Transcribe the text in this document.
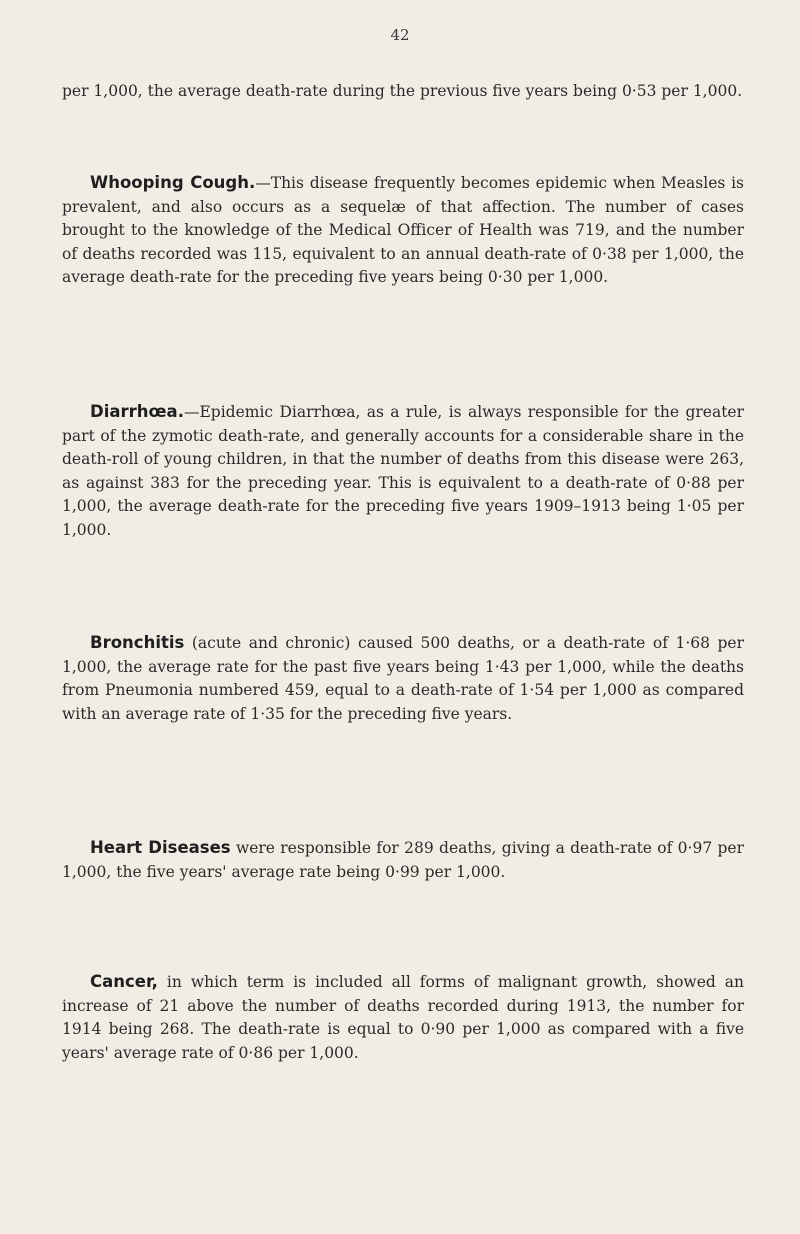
42

per 1,000, the average death-rate during the previous five years being 0·53 per 1,000.

Whooping Cough.—This disease frequently becomes epidemic when Measles is prevalent, and also occurs as a sequelæ of that affection. The number of cases brought to the knowledge of the Medical Officer of Health was 719, and the number of deaths recorded was 115, equivalent to an annual death-rate of 0·38 per 1,000, the average death-rate for the preceding five years being 0·30 per 1,000.

Diarrhœa.—Epidemic Diarrhœa, as a rule, is always responsible for the greater part of the zymotic death-rate, and generally accounts for a considerable share in the death-roll of young children, in that the number of deaths from this disease were 263, as against 383 for the preceding year. This is equivalent to a death-rate of 0·88 per 1,000, the average death-rate for the preceding five years 1909–1913 being 1·05 per 1,000.

Bronchitis (acute and chronic) caused 500 deaths, or a death-rate of 1·68 per 1,000, the average rate for the past five years being 1·43 per 1,000, while the deaths from Pneumonia numbered 459, equal to a death-rate of 1·54 per 1,000 as compared with an average rate of 1·35 for the preceding five years.

Heart Diseases were responsible for 289 deaths, giving a death-rate of 0·97 per 1,000, the five years' average rate being 0·99 per 1,000.

Cancer, in which term is included all forms of malignant growth, showed an increase of 21 above the number of deaths recorded during 1913, the number for 1914 being 268. The death-rate is equal to 0·90 per 1,000 as compared with a five years' average rate of 0·86 per 1,000.
